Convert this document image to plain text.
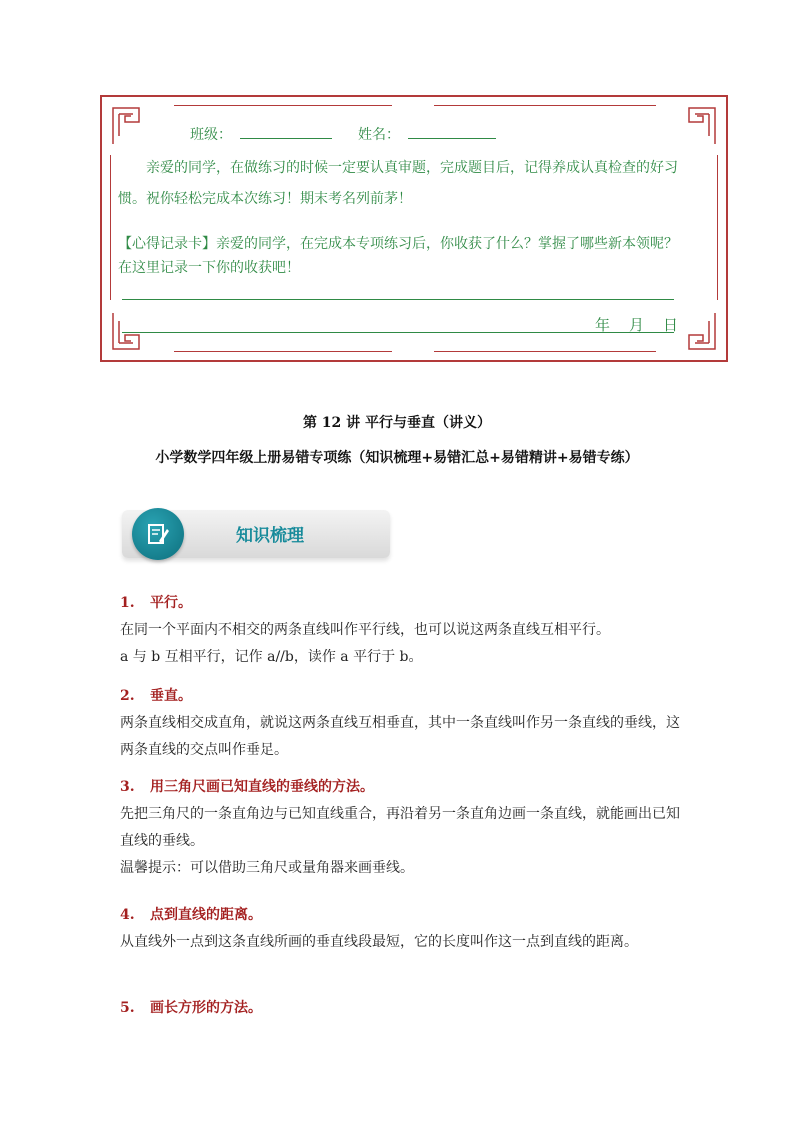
班级：	姓名：
亲爱的同学，在做练习的时候一定要认真审题，完成题目后，记得养成认真检查的好习惯。祝你轻松完成本次练习！期末考名列前茅！
【心得记录卡】亲爱的同学，在完成本专项练习后，你收获了什么？掌握了哪些新本领呢？在这里记录一下你的收获吧！
年　月　日
第 12 讲 平行与垂直（讲义）
小学数学四年级上册易错专项练（知识梳理+易错汇总+易错精讲+易错专练）
知识梳理
1. 平行。
在同一个平面内不相交的两条直线叫作平行线，也可以说这两条直线互相平行。
a 与 b 互相平行，记作 a//b，读作 a 平行于 b。
2. 垂直。
两条直线相交成直角，就说这两条直线互相垂直，其中一条直线叫作另一条直线的垂线，这两条直线的交点叫作垂足。
3. 用三角尺画已知直线的垂线的方法。
先把三角尺的一条直角边与已知直线重合，再沿着另一条直角边画一条直线，就能画出已知直线的垂线。
温馨提示：可以借助三角尺或量角器来画垂线。
4. 点到直线的距离。
从直线外一点到这条直线所画的垂直线段最短，它的长度叫作这一点到直线的距离。
5. 画长方形的方法。
